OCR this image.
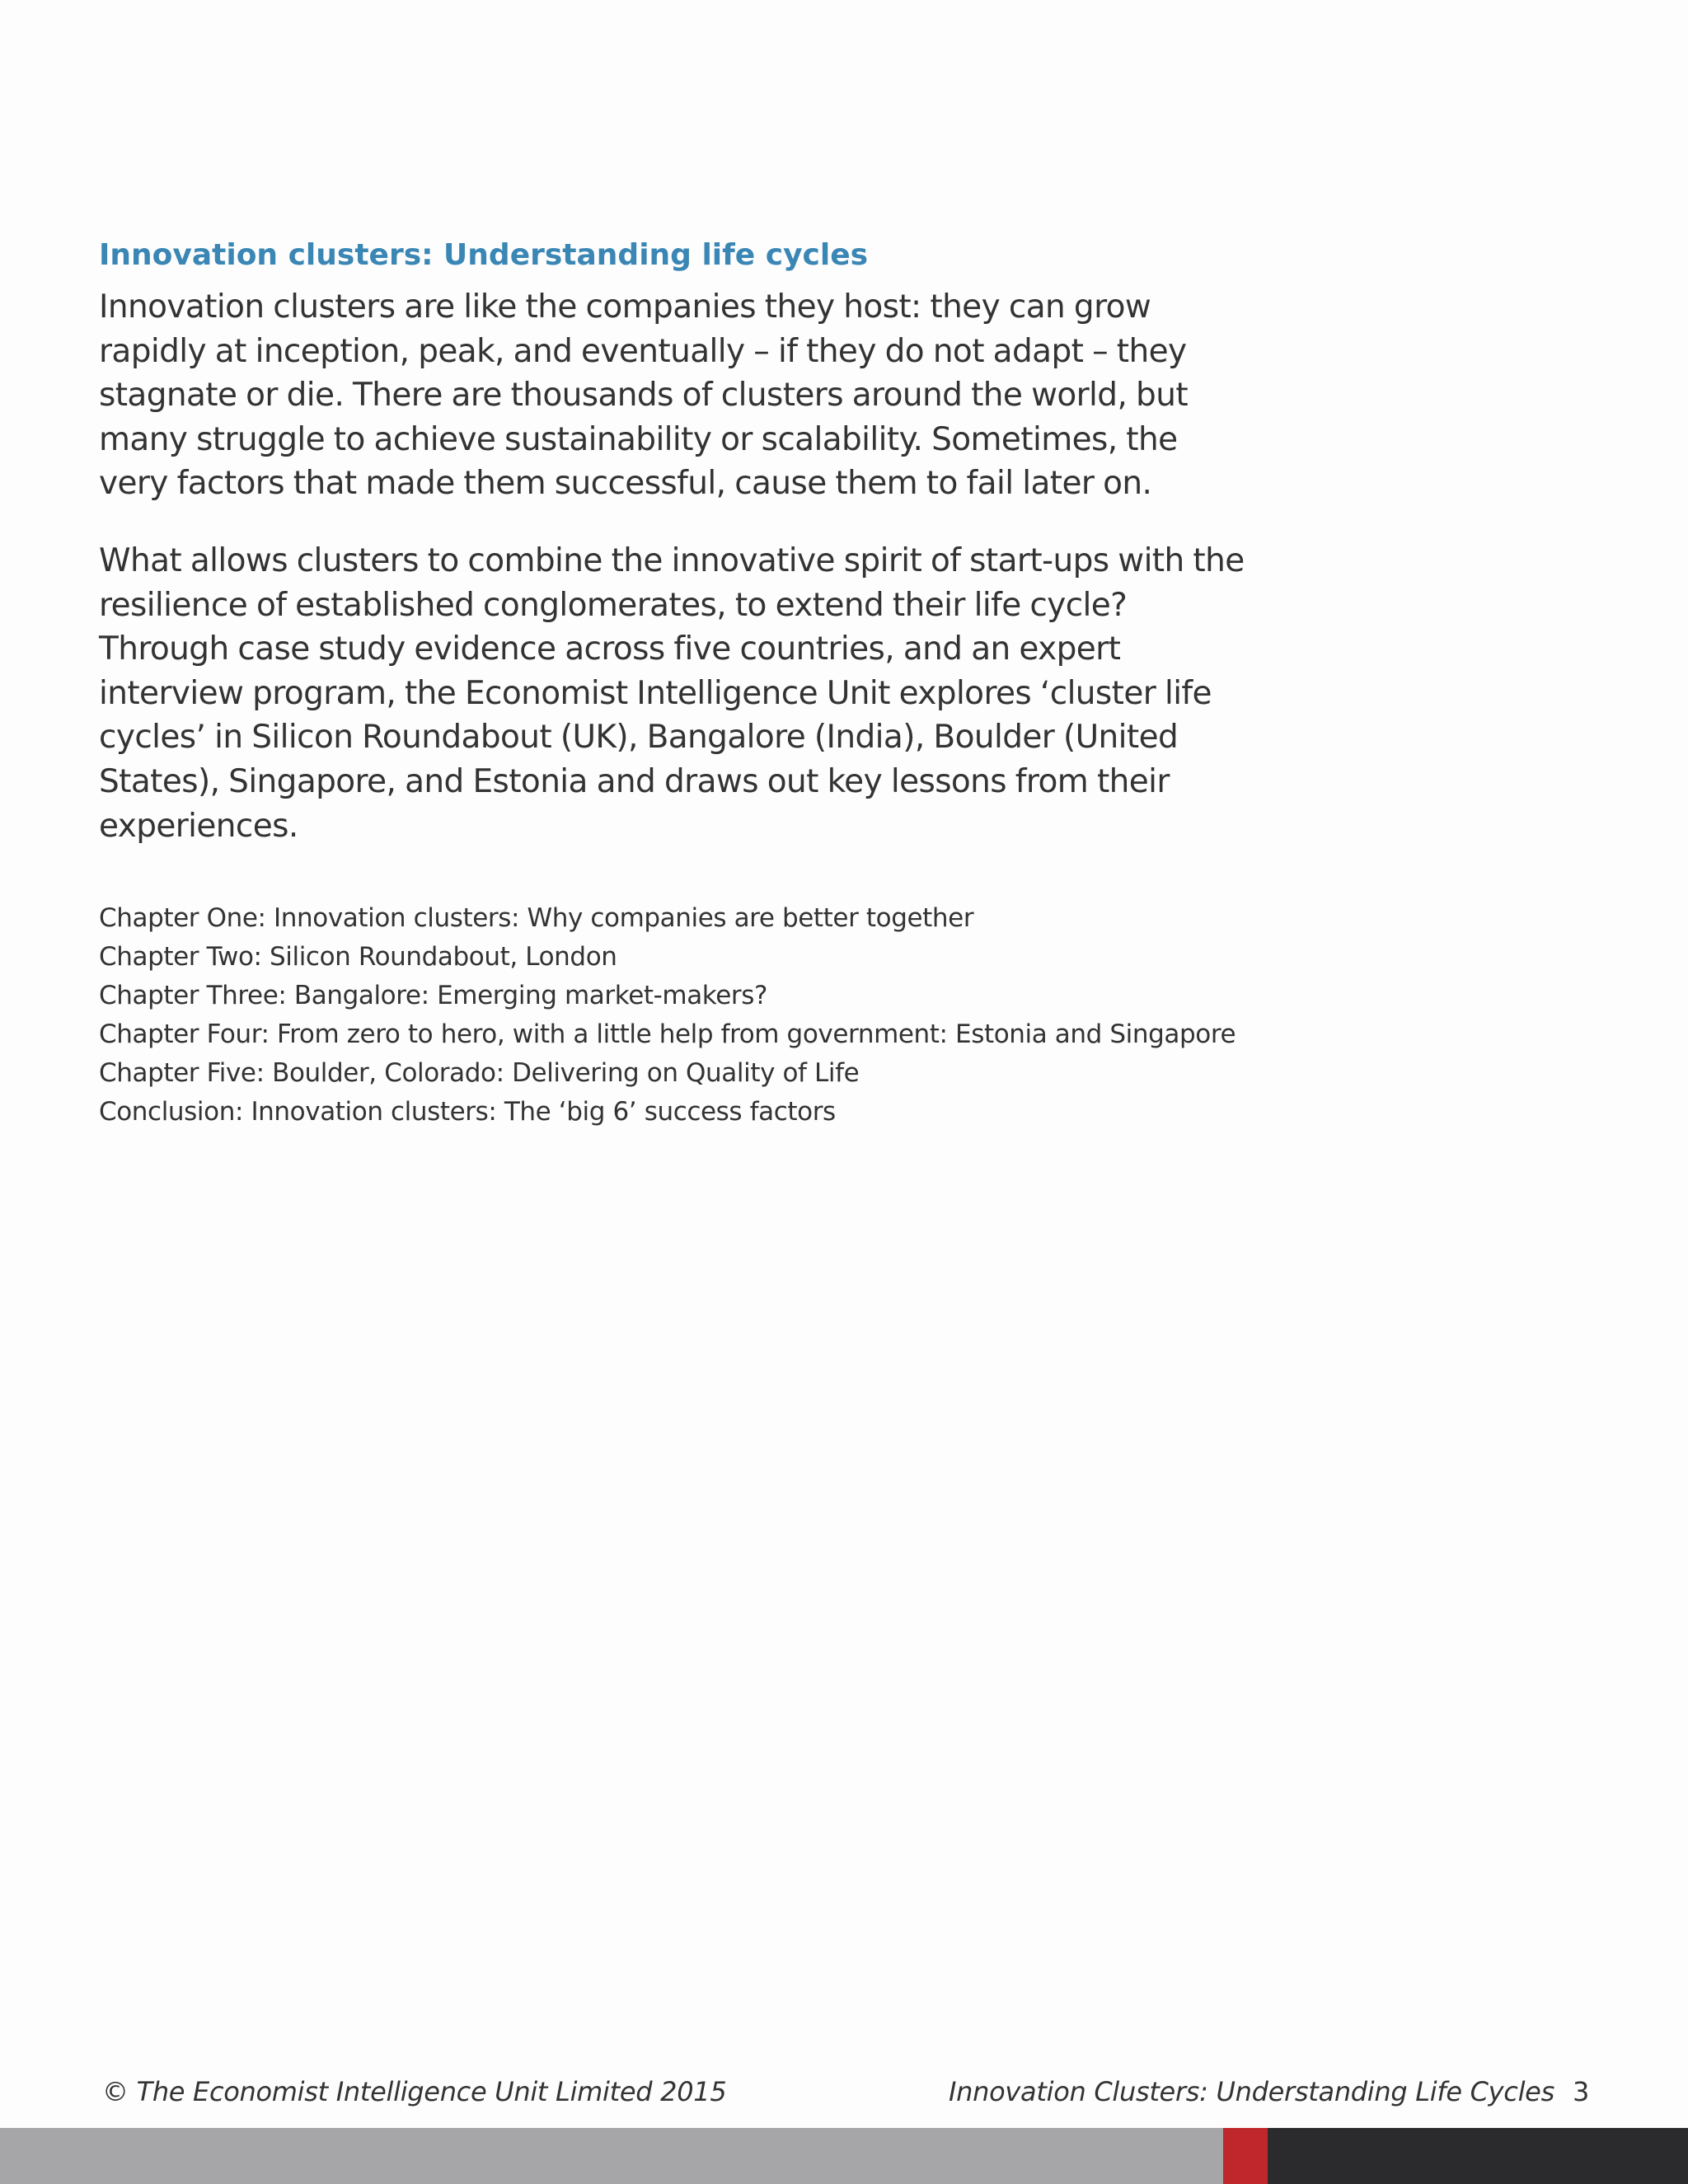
Innovation clusters: Understanding life cycles

Innovation clusters are like the companies they host: they can grow rapidly at inception, peak, and eventually – if they do not adapt – they stagnate or die. There are thousands of clusters around the world, but many struggle to achieve sustainability or scalability. Sometimes, the very factors that made them successful, cause them to fail later on.

What allows clusters to combine the innovative spirit of start-ups with the resilience of established conglomerates, to extend their life cycle? Through case study evidence across five countries, and an expert interview program, the Economist Intelligence Unit explores ‘cluster life cycles’ in Silicon Roundabout (UK), Bangalore (India), Boulder (United States), Singapore, and Estonia and draws out key lessons from their experiences.

Chapter One: Innovation clusters: Why companies are better together
Chapter Two: Silicon Roundabout, London
Chapter Three: Bangalore: Emerging market-makers?
Chapter Four: From zero to hero, with a little help from government: Estonia and Singapore
Chapter Five: Boulder, Colorado: Delivering on Quality of Life
Conclusion: Innovation clusters: The ‘big 6’ success factors
© The Economist Intelligence Unit Limited 2015	Innovation Clusters: Understanding Life Cycles 3
